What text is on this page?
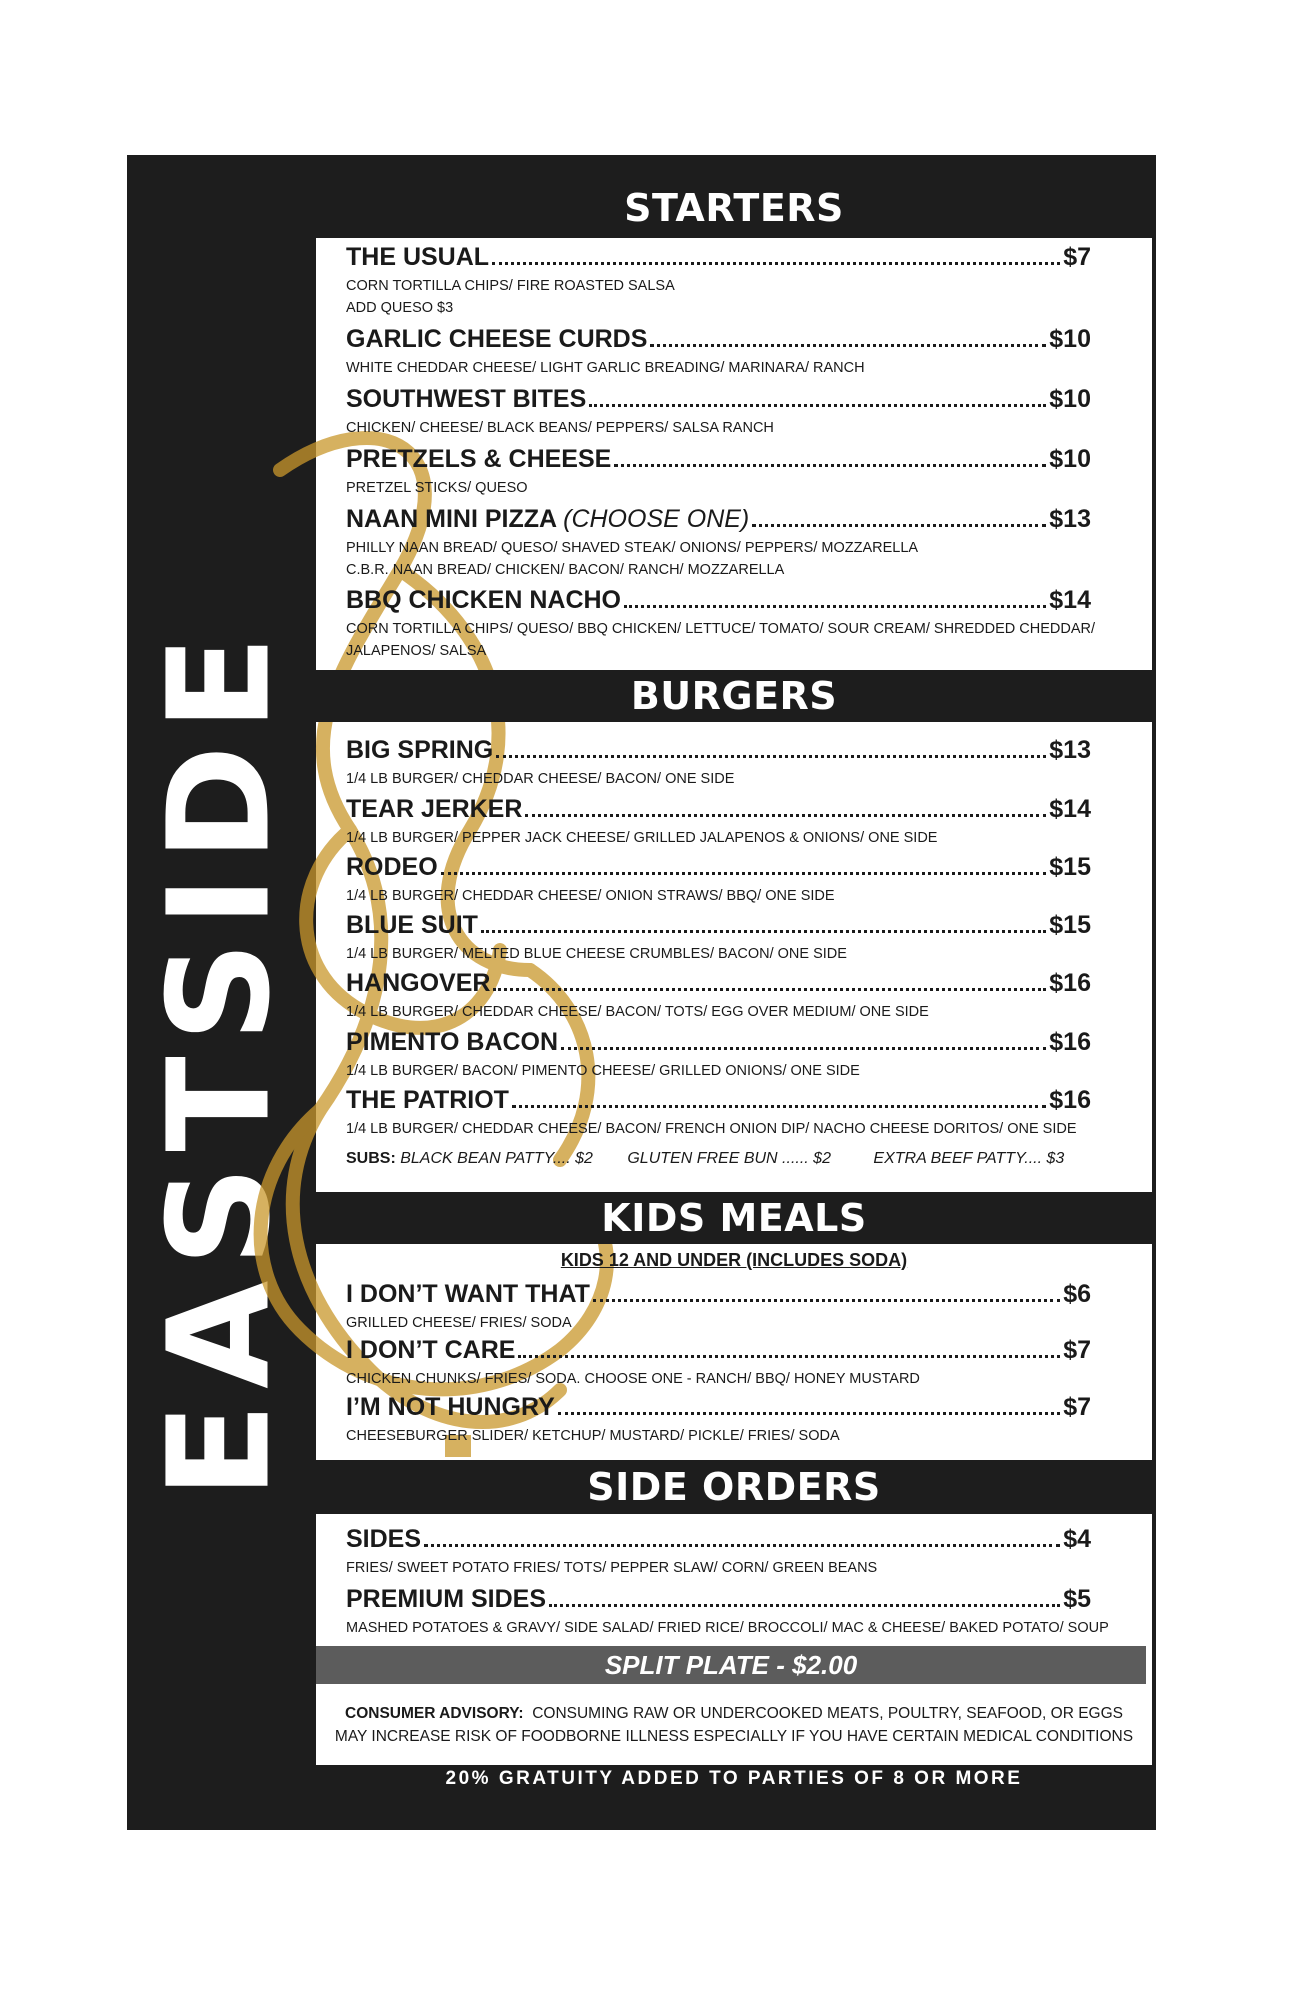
EASTSIDE
STARTERS
THE USUAL	$7
CORN TORTILLA CHIPS/ FIRE ROASTED SALSA
ADD QUESO $3
GARLIC CHEESE CURDS	$10
WHITE CHEDDAR CHEESE/ LIGHT GARLIC BREADING/ MARINARA/ RANCH
SOUTHWEST BITES	$10
CHICKEN/ CHEESE/ BLACK BEANS/ PEPPERS/ SALSA RANCH
PRETZELS & CHEESE	$10
PRETZEL STICKS/ QUESO
NAAN MINI PIZZA (CHOOSE ONE)	$13
PHILLY NAAN BREAD/ QUESO/ SHAVED STEAK/ ONIONS/ PEPPERS/ MOZZARELLA
C.B.R. NAAN BREAD/ CHICKEN/ BACON/ RANCH/ MOZZARELLA
BBQ CHICKEN NACHO	$14
CORN TORTILLA CHIPS/ QUESO/ BBQ CHICKEN/ LETTUCE/ TOMATO/ SOUR CREAM/ SHREDDED CHEDDAR/
JALAPENOS/ SALSA
BURGERS
BIG SPRING	$13
1/4 LB BURGER/ CHEDDAR CHEESE/ BACON/ ONE SIDE
TEAR JERKER	$14
1/4 LB BURGER/ PEPPER JACK CHEESE/ GRILLED JALAPENOS & ONIONS/ ONE SIDE
RODEO	$15
1/4 LB BURGER/ CHEDDAR CHEESE/ ONION STRAWS/ BBQ/ ONE SIDE
BLUE SUIT	$15
1/4 LB BURGER/ MELTED BLUE CHEESE CRUMBLES/ BACON/ ONE SIDE
HANGOVER	$16
1/4 LB BURGER/ CHEDDAR CHEESE/ BACON/ TOTS/ EGG OVER MEDIUM/ ONE SIDE
PIMENTO BACON	$16
1/4 LB BURGER/ BACON/ PIMENTO CHEESE/ GRILLED ONIONS/ ONE SIDE
THE PATRIOT	$16
1/4 LB BURGER/ CHEDDAR CHEESE/ BACON/ FRENCH ONION DIP/ NACHO CHEESE DORITOS/ ONE SIDE
SUBS: BLACK BEAN PATTY.... $2 GLUTEN FREE BUN ...... $2	EXTRA BEEF PATTY.... $3
KIDS MEALS
KIDS 12 AND UNDER (INCLUDES SODA)
I DON’T WANT THAT	$6
GRILLED CHEESE/ FRIES/ SODA
I DON’T CARE	$7
CHICKEN CHUNKS/ FRIES/ SODA. CHOOSE ONE - RANCH/ BBQ/ HONEY MUSTARD
I’M NOT HUNGRY	$7
CHEESEBURGER SLIDER/ KETCHUP/ MUSTARD/ PICKLE/ FRIES/ SODA
SIDE ORDERS
SIDES	$4
FRIES/ SWEET POTATO FRIES/ TOTS/ PEPPER SLAW/ CORN/ GREEN BEANS
PREMIUM SIDES	$5
MASHED POTATOES & GRAVY/ SIDE SALAD/ FRIED RICE/ BROCCOLI/ MAC & CHEESE/ BAKED POTATO/ SOUP
SPLIT PLATE - $2.00
CONSUMER ADVISORY: CONSUMING RAW OR UNDERCOOKED MEATS, POULTRY, SEAFOOD, OR EGGS
MAY INCREASE RISK OF FOODBORNE ILLNESS ESPECIALLY IF YOU HAVE CERTAIN MEDICAL CONDITIONS
20% GRATUITY ADDED TO PARTIES OF 8 OR MORE
